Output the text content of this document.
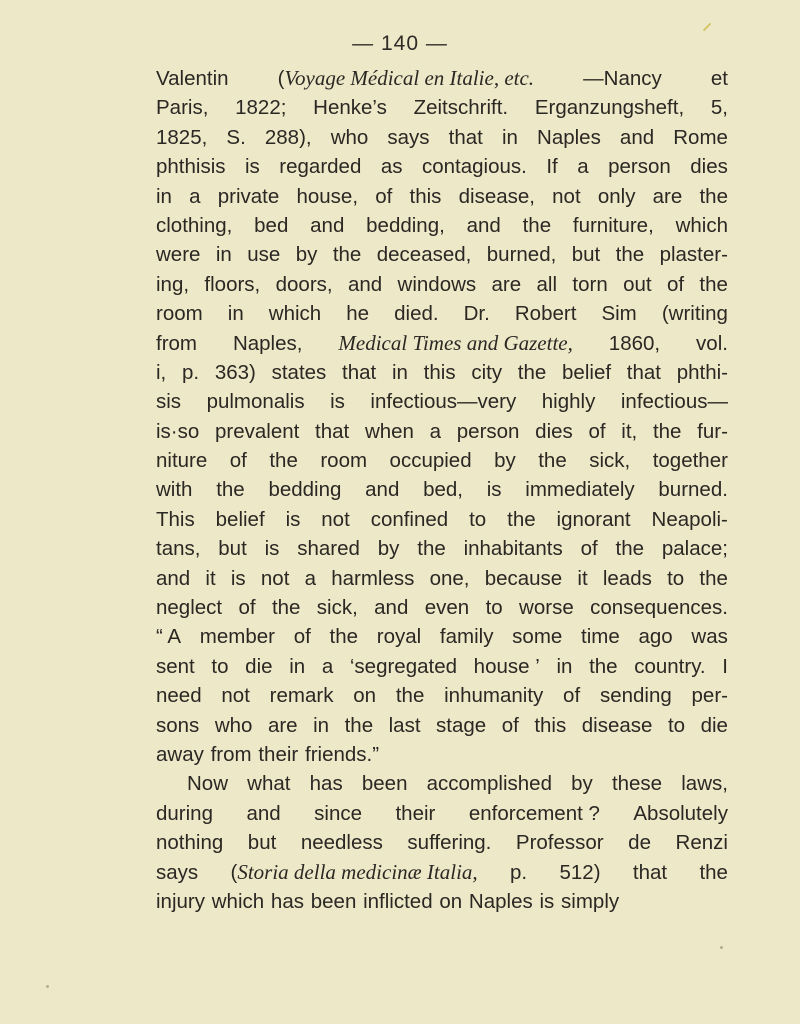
— 140 —
Valentin (Voyage Médical en Italie, etc. —Nancy et
Paris, 1822; Henke’s Zeitschrift. Erganzungsheft, 5,
1825, S. 288), who says that in Naples and Rome
phthisis is regarded as contagious. If a person dies
in a private house, of this disease, not only are the
clothing, bed and bedding, and the furniture, which
were in use by the deceased, burned, but the plaster-
ing, floors, doors, and windows are all torn out of the
room in which he died. Dr. Robert Sim (writing
from Naples, Medical Times and Gazette, 1860, vol.
i, p. 363) states that in this city the belief that phthi-
sis pulmonalis is infectious—very highly infectious—
is·so prevalent that when a person dies of it, the fur-
niture of the room occupied by the sick, together
with the bedding and bed, is immediately burned.
This belief is not confined to the ignorant Neapoli-
tans, but is shared by the inhabitants of the palace;
and it is not a harmless one, because it leads to the
neglect of the sick, and even to worse consequences.
“ A member of the royal family some time ago was
sent to die in a ‘segregated house ’ in the country. I
need not remark on the inhumanity of sending per-
sons who are in the last stage of this disease to die
away from their friends.”
Now what has been accomplished by these laws,
during and since their enforcement ? Absolutely
nothing but needless suffering. Professor de Renzi
says (Storia della medicinæ Italia, p. 512) that the
injury which has been inflicted on Naples is simply
